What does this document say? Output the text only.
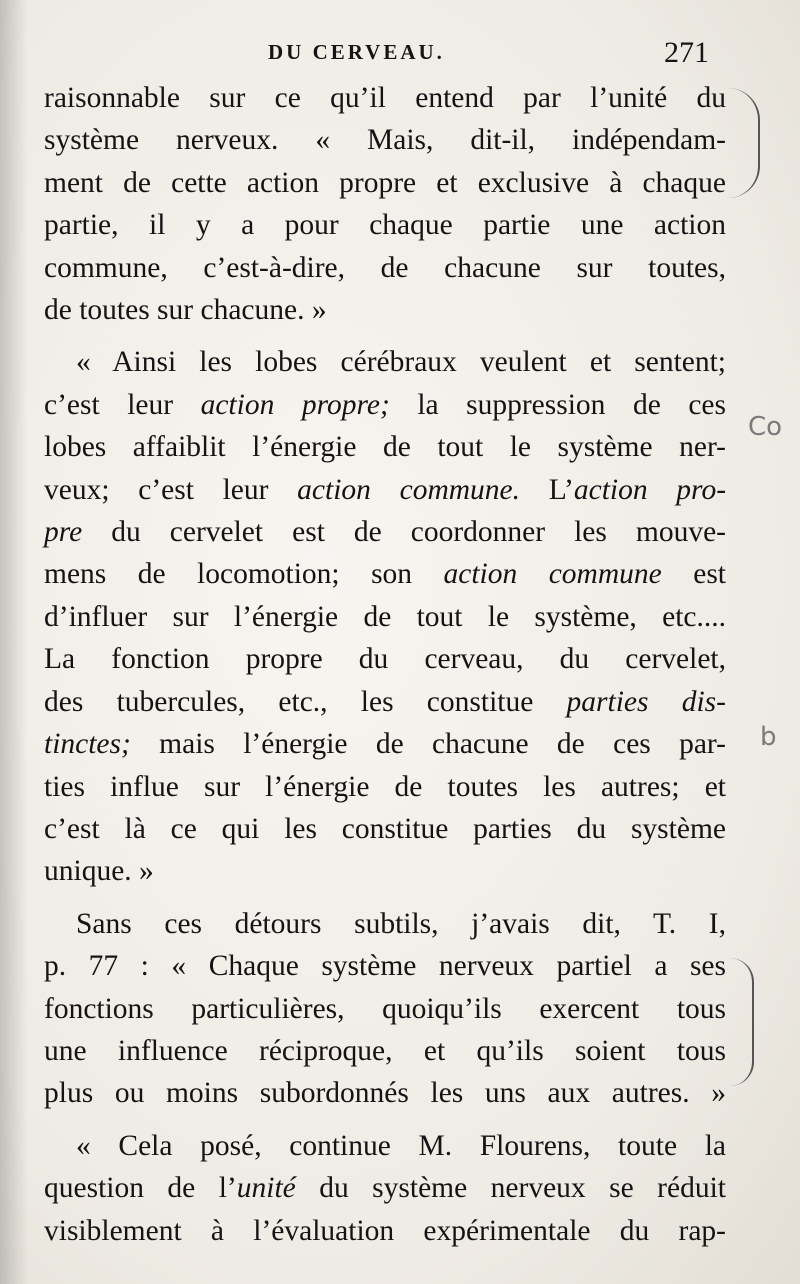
DU CERVEAU.	271
raisonnable sur ce qu’il entend par l’unité du
système nerveux. « Mais, dit-il, indépendam-
ment de cette action propre et exclusive à chaque
partie, il y a pour chaque partie une action
commune, c’est-à-dire, de chacune sur toutes,
de toutes sur chacune. »
« Ainsi les lobes cérébraux veulent et sentent;
c’est leur action propre; la suppression de ces
lobes affaiblit l’énergie de tout le système ner-
veux; c’est leur action commune. L’action pro-
pre du cervelet est de coordonner les mouve-
mens de locomotion; son action commune est
d’influer sur l’énergie de tout le système, etc....
La fonction propre du cerveau, du cervelet,
des tubercules, etc., les constitue parties dis-
tinctes; mais l’énergie de chacune de ces par-
ties influe sur l’énergie de toutes les autres; et
c’est là ce qui les constitue parties du système
unique. »
Sans ces détours subtils, j’avais dit, T. I,
p. 77 : « Chaque système nerveux partiel a ses
fonctions particulières, quoiqu’ils exercent tous
une influence réciproque, et qu’ils soient tous
plus ou moins subordonnés les uns aux autres. »
« Cela posé, continue M. Flourens, toute la
question de l’unité du système nerveux se réduit
visiblement à l’évaluation expérimentale du rap-
Co
b
